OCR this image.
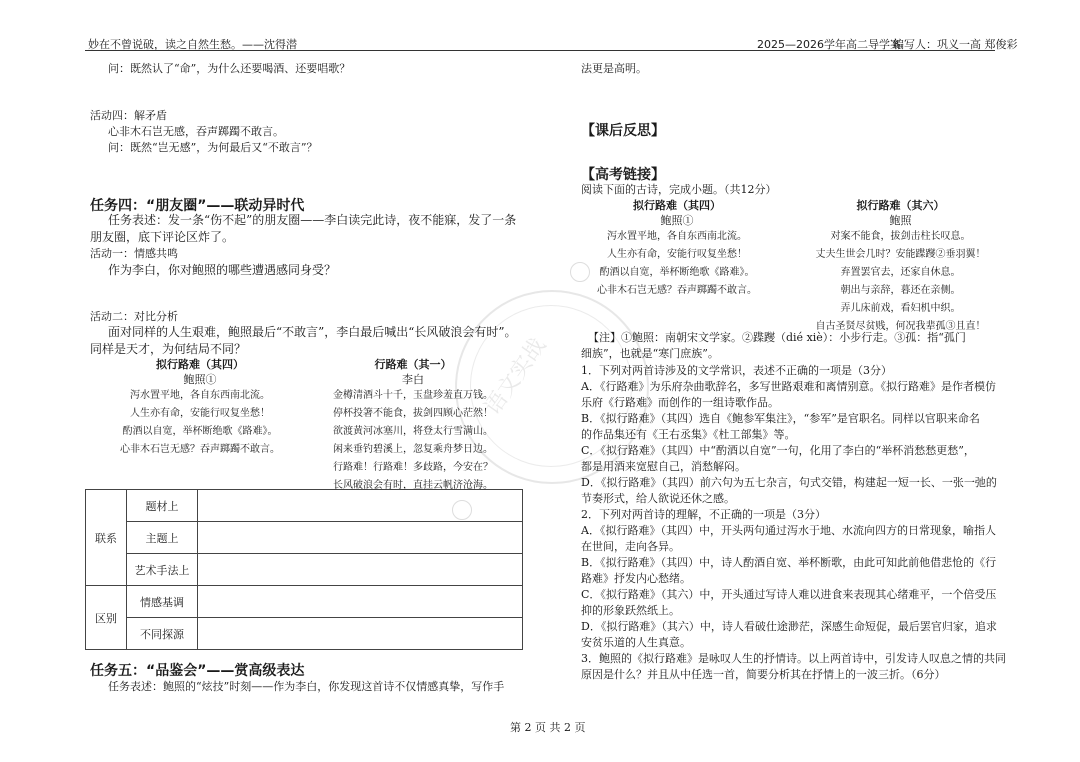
妙在不曾说破，读之自然生愁。——沈得潜	2025—2026学年高二导学案
编写人：巩义一高 郑俊彩
语文实战
问：既然认了“命”，为什么还要喝酒、还要唱歌？
活动四：解矛盾
心非木石岂无感，吞声踯躅不敢言。
问：既然“岂无感”，为何最后又“不敢言”？
任务四：“朋友圈”——联动异时代
任务表述：发一条“伤不起”的朋友圈——李白读完此诗，夜不能寐，发了一条朋友圈，底下评论区炸了。
活动一：情感共鸣
作为李白，你对鲍照的哪些遭遇感同身受？
活动二：对比分析
面对同样的人生艰难，鲍照最后“不敢言”，李白最后喊出“长风破浪会有时”。同样是天才，为何结局不同？
拟行路难（其四）
鲍照①
泻水置平地，各自东西南北流。
人生亦有命，安能行叹复坐愁！
酌酒以自宽，举杯断绝歌《路难》。
心非木石岂无感？吞声踯躅不敢言。
行路难（其一）
李白
金樽清酒斗十千，玉盘珍羞直万钱。
停杯投箸不能食，拔剑四顾心茫然！
欲渡黄河冰塞川，将登太行雪满山。
闲来垂钓碧溪上，忽复乘舟梦日边。
行路难！行路难！多歧路，今安在？
长风破浪会有时，直挂云帆济沧海。
联系	题材上	
	主题上	
	艺术手法上	
区别	情感基调	
	不同探源	
任务五：“品鉴会”——赏高级表达
任务表述：鲍照的“炫技”时刻——作为李白，你发现这首诗不仅情感真挚，写作手
法更是高明。
【课后反思】
【高考链接】
阅读下面的古诗，完成小题。（共12分）
拟行路难（其四）
鲍照①
泻水置平地，各自东西南北流。
人生亦有命，安能行叹复坐愁！
酌酒以自宽，举杯断绝歌《路难》。
心非木石岂无感？吞声踯躅不敢言。
拟行路难（其六）
鲍照
对案不能食，拔剑击柱长叹息。
丈夫生世会几时？安能蹀躞②垂羽翼！
弃置罢官去，还家自休息。
朝出与亲辞，暮还在亲侧。
弄儿床前戏，看妇机中织。
自古圣贤尽贫贱，何况我辈孤③且直！
【注】①鲍照：南朝宋文学家。②蹀躞（dié xiè）：小步行走。③孤：指“孤门
细族”，也就是“寒门庶族”。
1．下列对两首诗涉及的文学常识，表述不正确的一项是（3分）
A．《行路难》为乐府杂曲歌辞名，多写世路艰难和离情别意。《拟行路难》是作者模仿
乐府《行路难》而创作的一组诗歌作品。
B．《拟行路难》（其四）选自《鲍参军集注》，“参军”是官职名。同样以官职来命名
的作品集还有《王右丞集》《杜工部集》等。
C．《拟行路难》（其四）中“酌酒以自宽”一句，化用了李白的“举杯消愁愁更愁”，
都是用酒来宽慰自己，消愁解闷。
D．《拟行路难》（其四）前六句为五七杂言，句式交错，构建起一短一长、一张一弛的
节奏形式，给人欲说还休之感。
2．下列对两首诗的理解，不正确的一项是（3分）
A．《拟行路难》（其四）中，开头两句通过泻水于地、水流向四方的日常现象，喻指人
在世间，走向各异。
B．《拟行路难》（其四）中，诗人酌酒自宽、举杯断歌，由此可知此前他借悲怆的《行
路难》抒发内心愁绪。
C．《拟行路难》（其六）中，开头通过写诗人难以进食来表现其心绪难平，一个倍受压
抑的形象跃然纸上。
D．《拟行路难》（其六）中，诗人看破仕途渺茫，深感生命短促，最后罢官归家，追求
安贫乐道的人生真意。
3．鲍照的《拟行路难》是咏叹人生的抒情诗。以上两首诗中，引发诗人叹息之情的共同
原因是什么？并且从中任选一首，简要分析其在抒情上的一波三折。（6分）
第 2 页 共 2 页
